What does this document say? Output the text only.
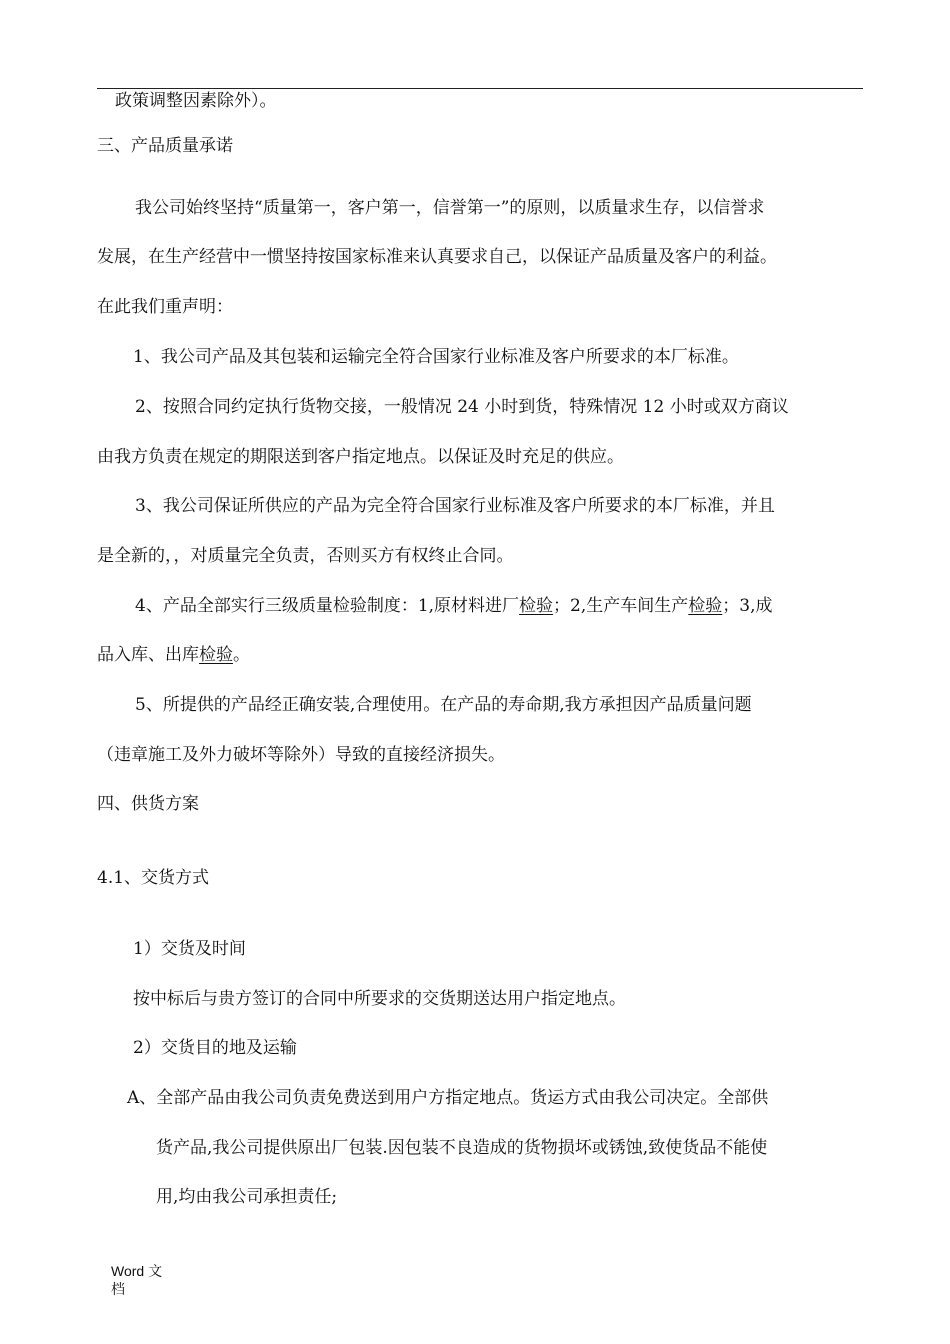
政策调整因素除外）。
三、产品质量承诺
我公司始终坚持“质量第一，客户第一，信誉第一”的原则，以质量求生存，以信誉求
发展，在生产经营中一惯坚持按国家标准来认真要求自己，以保证产品质量及客户的利益。
在此我们重声明：
1、我公司产品及其包装和运输完全符合国家行业标准及客户所要求的本厂标准。
2、按照合同约定执行货物交接，一般情况 24 小时到货，特殊情况 12 小时或双方商议
由我方负责在规定的期限送到客户指定地点。以保证及时充足的供应。
3、我公司保证所供应的产品为完全符合国家行业标准及客户所要求的本厂标准，并且
是全新的，，对质量完全负责，否则买方有权终止合同。
4、产品全部实行三级质量检验制度：1,原材料进厂检验；2,生产车间生产检验；3,成
品入库、出库检验。
5、所提供的产品经正确安装,合理使用。在产品的寿命期,我方承担因产品质量问题
（违章施工及外力破坏等除外）导致的直接经济损失。
四、供货方案
4.1、交货方式
1）交货及时间
按中标后与贵方签订的合同中所要求的交货期送达用户指定地点。
2）交货目的地及运输
A、全部产品由我公司负责免费送到用户方指定地点。货运方式由我公司决定。全部供
货产品,我公司提供原出厂包装.因包装不良造成的货物损坏或锈蚀,致使货品不能使
用,均由我公司承担责任;
Word 文
档
